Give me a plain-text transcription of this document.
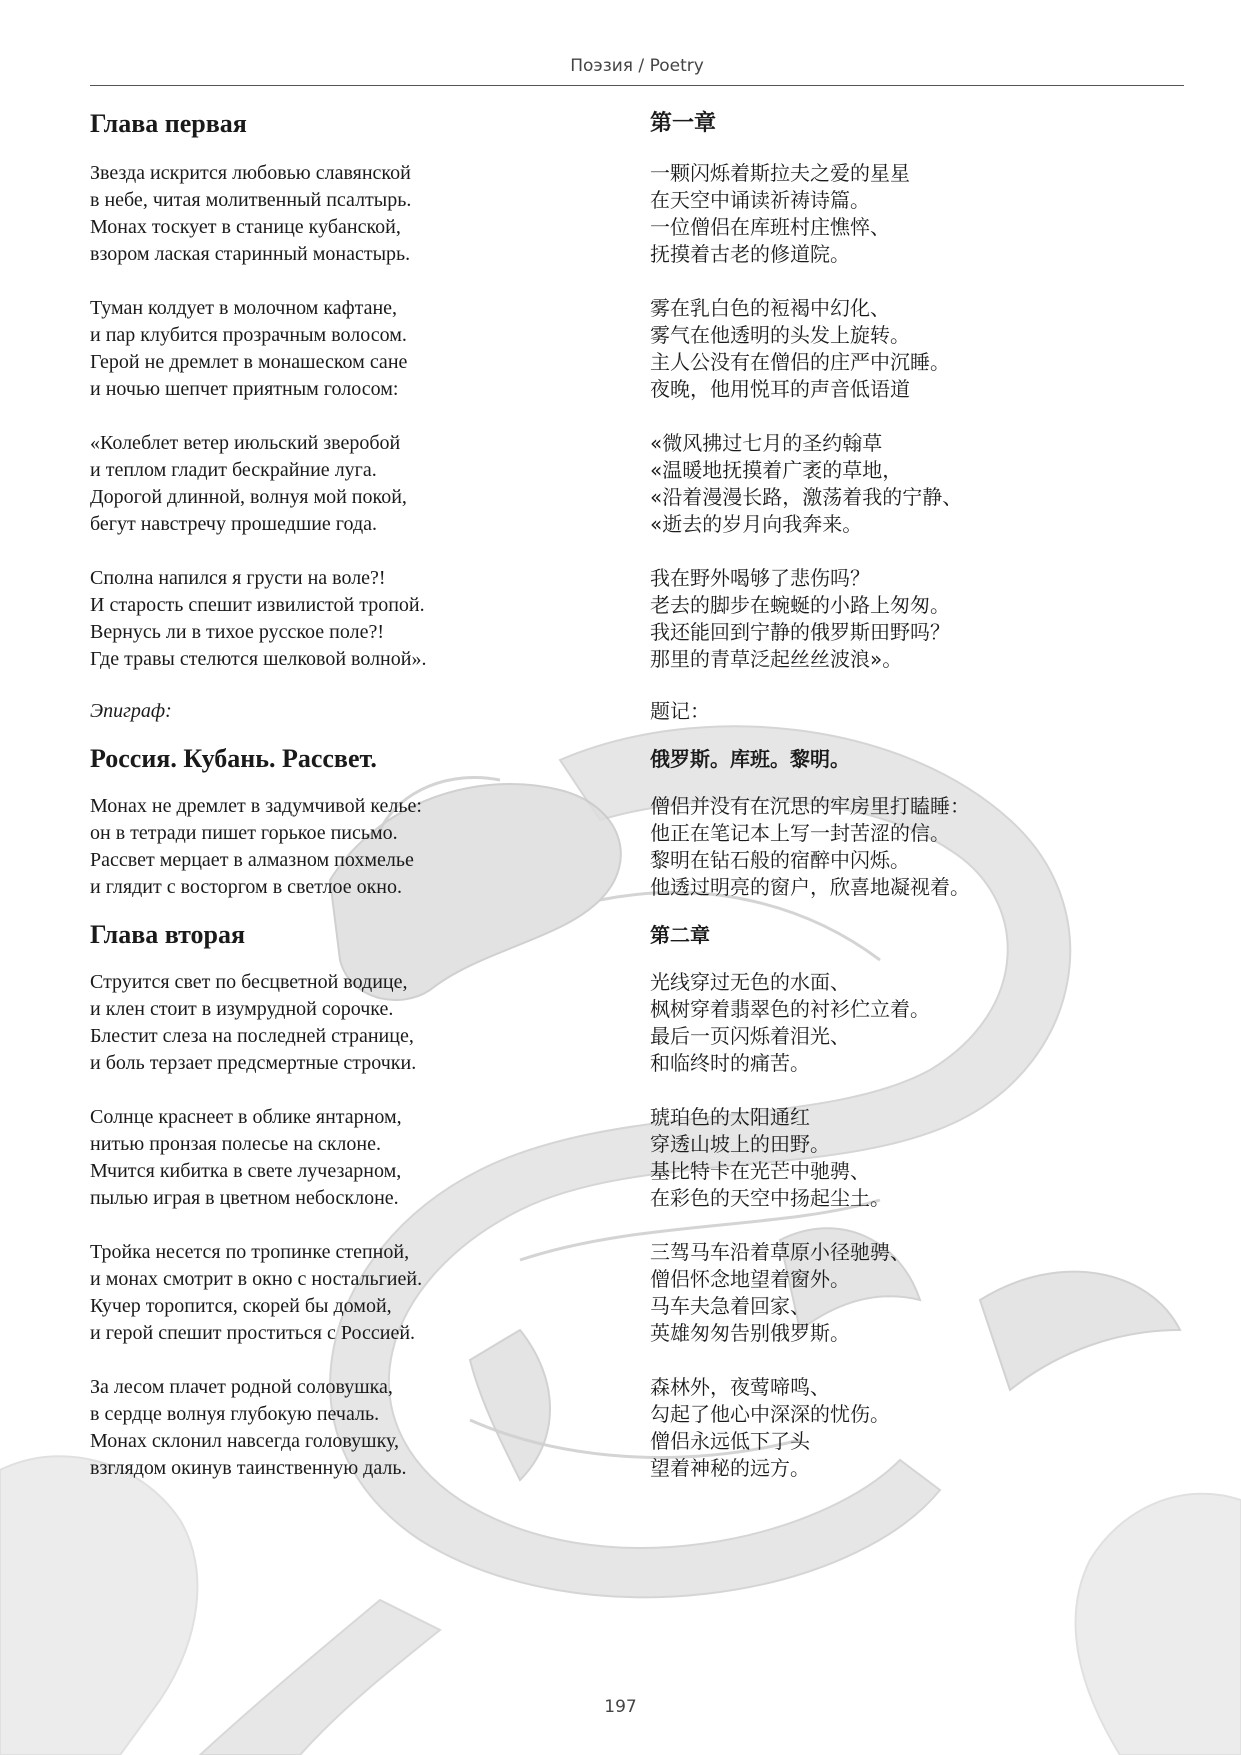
Поэзия / Poetry
Глава первая

Звезда искрится любовью славянской
в небе, читая молитвенный псалтырь.
Монах тоскует в станице кубанской,
взором лаская старинный монастырь.

Туман колдует в молочном кафтане,
и пар клубится прозрачным волосом.
Герой не дремлет в монашеском сане
и ночью шепчет приятным голосом:

«Колеблет ветер июльский зверобой
и теплом гладит бескрайние луга.
Дорогой длинной, волнуя мой покой,
бегут навстречу прошедшие года.

Сполна напился я грусти на воле?!
И старость спешит извилистой тропой.
Вернусь ли в тихое русское поле?!
Где травы стелются шелковой волной».

Эпиграф:

Россия. Кубань. Рассвет.

Монах не дремлет в задумчивой келье:
он в тетради пишет горькое письмо.
Рассвет мерцает в алмазном похмелье
и глядит с восторгом в светлое окно.

Глава вторая

Струится свет по бесцветной водице,
и клен стоит в изумрудной сорочке.
Блестит слеза на последней странице,
и боль терзает предсмертные строчки.

Солнце краснеет в облике янтарном,
нитью пронзая полесье на склоне.
Мчится кибитка в свете лучезарном,
пылью играя в цветном небосклоне.

Тройка несется по тропинке степной,
и монах смотрит в окно с ностальгией.
Кучер торопится, скорей бы домой,
и герой спешит проститься с Россией.

За лесом плачет родной соловушка,
в сердце волнуя глубокую печаль.
Монах склонил навсегда головушку,
взглядом окинув таинственную даль.

第一章

一颗闪烁着斯拉夫之爱的星星
在天空中诵读祈祷诗篇。
一位僧侣在库班村庄憔悴、
抚摸着古老的修道院。

雾在乳白色的裋褐中幻化、
雾气在他透明的头发上旋转。
主人公没有在僧侣的庄严中沉睡。
夜晚，他用悦耳的声音低语道

«微风拂过七月的圣约翰草
«温暖地抚摸着广袤的草地，
«沿着漫漫长路，激荡着我的宁静、
«逝去的岁月向我奔来。

我在野外喝够了悲伤吗？
老去的脚步在蜿蜒的小路上匆匆。
我还能回到宁静的俄罗斯田野吗？
那里的青草泛起丝丝波浪»。

题记：

俄罗斯。库班。黎明。

僧侣并没有在沉思的牢房里打瞌睡：
他正在笔记本上写一封苦涩的信。
黎明在钻石般的宿醉中闪烁。
他透过明亮的窗户，欣喜地凝视着。

第二章

光线穿过无色的水面、
枫树穿着翡翠色的衬衫伫立着。
最后一页闪烁着泪光、
和临终时的痛苦。

琥珀色的太阳通红
穿透山坡上的田野。
基比特卡在光芒中驰骋、
在彩色的天空中扬起尘土。

三驾马车沿着草原小径驰骋、
僧侣怀念地望着窗外。
马车夫急着回家、
英雄匆匆告别俄罗斯。

森林外，夜莺啼鸣、
勾起了他心中深深的忧伤。
僧侣永远低下了头
望着神秘的远方。

197
